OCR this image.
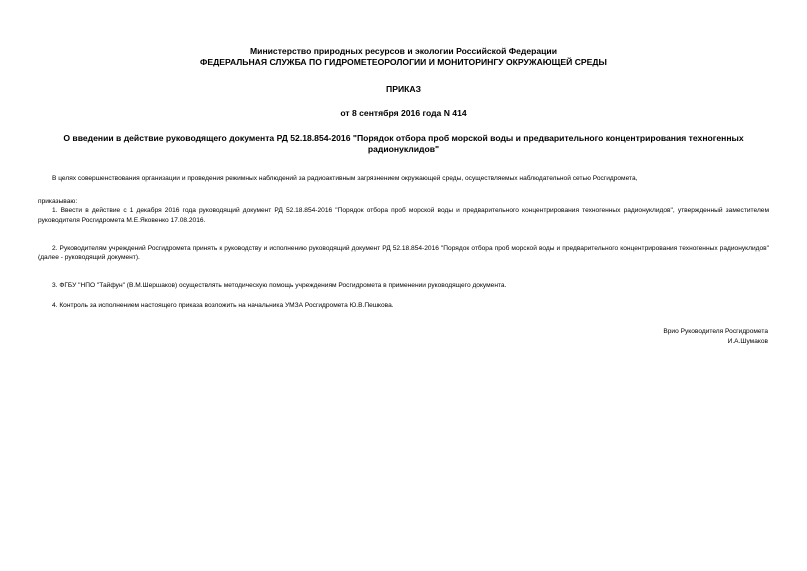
Министерство природных ресурсов и экологии Российской Федерации
ФЕДЕРАЛЬНАЯ СЛУЖБА ПО ГИДРОМЕТЕОРОЛОГИИ И МОНИТОРИНГУ ОКРУЖАЮЩЕЙ СРЕДЫ
ПРИКАЗ
от 8 сентября 2016 года N 414
О введении в действие руководящего документа РД 52.18.854-2016 "Порядок отбора проб морской воды и предварительного концентрирования техногенных радионуклидов"

В целях совершенствования организации и проведения режимных наблюдений за радиоактивным загрязнением окружающей среды, осуществляемых наблюдательной сетью Росгидромета,

приказываю:

1. Ввести в действие с 1 декабря 2016 года руководящий документ РД 52.18.854-2016 "Порядок отбора проб морской воды и предварительного концентрирования техногенных радионуклидов", утвержденный заместителем руководителя Росгидромета М.Е.Яковенко 17.08.2016.

2. Руководителям учреждений Росгидромета принять к руководству и исполнению руководящий документ РД 52.18.854-2016 "Порядок отбора проб морской воды и предварительного концентрирования техногенных радионуклидов" (далее - руководящий документ).

3. ФГБУ "НПО "Тайфун" (В.М.Шершаков) осуществлять методическую помощь учреждениям Росгидромета в применении руководящего документа.

4. Контроль за исполнением настоящего приказа возложить на начальника УМЗА Росгидромета Ю.В.Пешкова.

Врио Руководителя Росгидромета
И.А.Шумаков
